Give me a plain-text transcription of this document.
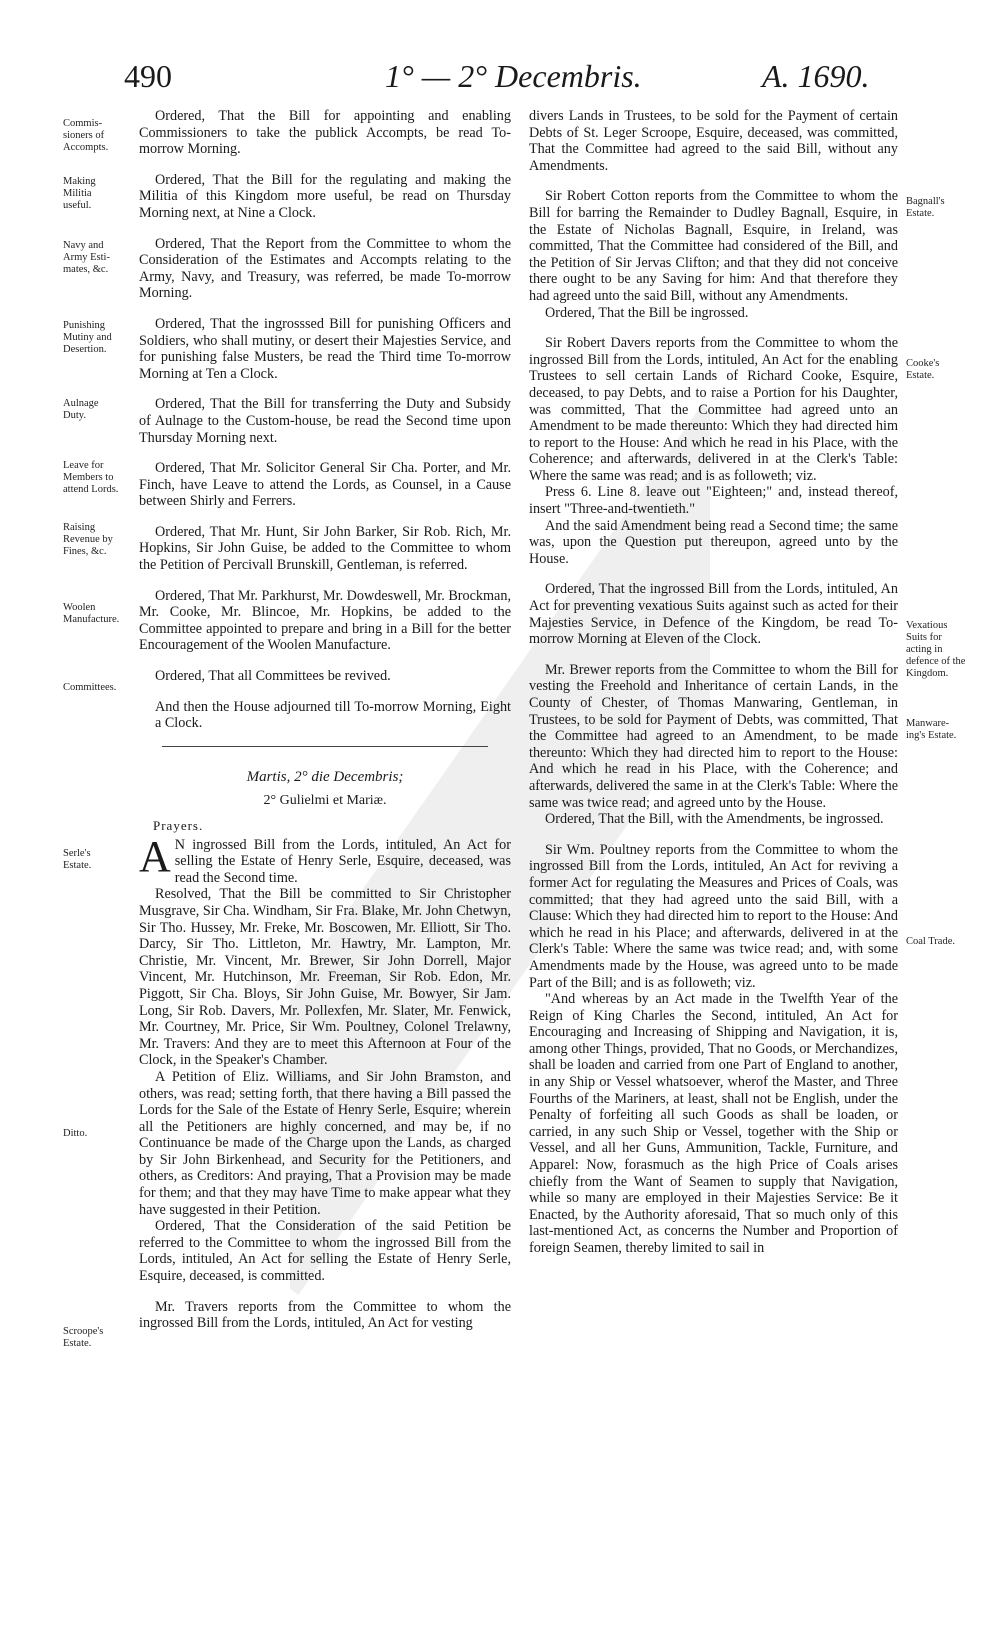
490	1° — 2° Decembris.	A. 1690.
Commis-
sioners of
Accompts.
Making
Militia
useful.
Navy and
Army Esti-
mates, &c.
Punishing
Mutiny and
Desertion.
Aulnage
Duty.
Leave for
Members to
attend Lords.
Raising
Revenue by
Fines, &c.
Woolen
Manufacture.
Committees.
Serle's
Estate.
Ditto.
Scroope's
Estate.
Bagnall's
Estate.
Cooke's
Estate.
Vexatious
Suits for
acting in
defence of the
Kingdom.
Manware-
ing's Estate.
Coal Trade.

Ordered, That the Bill for appointing and enabling Commissioners to take the publick Accompts, be read To-morrow Morning.

Ordered, That the Bill for the regulating and making the Militia of this Kingdom more useful, be read on Thursday Morning next, at Nine a Clock.

Ordered, That the Report from the Committee to whom the Consideration of the Estimates and Accompts relating to the Army, Navy, and Treasury, was referred, be made To-morrow Morning.

Ordered, That the ingrosssed Bill for punishing Officers and Soldiers, who shall mutiny, or desert their Majesties Service, and for punishing false Musters, be read the Third time To-morrow Morning at Ten a Clock.

Ordered, That the Bill for transferring the Duty and Subsidy of Aulnage to the Custom-house, be read the Second time upon Thursday Morning next.

Ordered, That Mr. Solicitor General Sir Cha. Porter, and Mr. Finch, have Leave to attend the Lords, as Counsel, in a Cause between Shirly and Ferrers.

Ordered, That Mr. Hunt, Sir John Barker, Sir Rob. Rich, Mr. Hopkins, Sir John Guise, be added to the Committee to whom the Petition of Percivall Brunskill, Gentleman, is referred.

Ordered, That Mr. Parkhurst, Mr. Dowdeswell, Mr. Brockman, Mr. Cooke, Mr. Blincoe, Mr. Hopkins, be added to the Committee appointed to prepare and bring in a Bill for the better Encouragement of the Woolen Manufacture.

Ordered, That all Committees be revived.

And then the House adjourned till To-morrow Morning, Eight a Clock.

Martis, 2° die Decembris;
2° Gulielmi et Mariæ.
Prayers.

A N ingrossed Bill from the Lords, intituled, An Act for selling the Estate of Henry Serle, Esquire, deceased, was read the Second time.

Resolved, That the Bill be committed to Sir Christopher Musgrave, Sir Cha. Windham, Sir Fra. Blake, Mr. John Chetwyn, Sir Tho. Hussey, Mr. Freke, Mr. Boscowen, Mr. Elliott, Sir Tho. Darcy, Sir Tho. Littleton, Mr. Hawtry, Mr. Lampton, Mr. Christie, Mr. Vincent, Mr. Brewer, Sir John Dorrell, Major Vincent, Mr. Hutchinson, Mr. Freeman, Sir Rob. Edon, Mr. Piggott, Sir Cha. Bloys, Sir John Guise, Mr. Bowyer, Sir Jam. Long, Sir Rob. Davers, Mr. Pollexfen, Mr. Slater, Mr. Fenwick, Mr. Courtney, Mr. Price, Sir Wm. Poultney, Colonel Trelawny, Mr. Travers: And they are to meet this Afternoon at Four of the Clock, in the Speaker's Chamber.

A Petition of Eliz. Williams, and Sir John Bramston, and others, was read; setting forth, that there having a Bill passed the Lords for the Sale of the Estate of Henry Serle, Esquire; wherein all the Petitioners are highly concerned, and may be, if no Continuance be made of the Charge upon the Lands, as charged by Sir John Birkenhead, and Security for the Petitioners, and others, as Creditors: And praying, That a Provision may be made for them; and that they may have Time to make appear what they have suggested in their Petition.

Ordered, That the Consideration of the said Petition be referred to the Committee to whom the ingrossed Bill from the Lords, intituled, An Act for selling the Estate of Henry Serle, Esquire, deceased, is committed.

Mr. Travers reports from the Committee to whom the ingrossed Bill from the Lords, intituled, An Act for vesting

divers Lands in Trustees, to be sold for the Payment of certain Debts of St. Leger Scroope, Esquire, deceased, was committed, That the Committee had agreed to the said Bill, without any Amendments.

Sir Robert Cotton reports from the Committee to whom the Bill for barring the Remainder to Dudley Bagnall, Esquire, in the Estate of Nicholas Bagnall, Esquire, in Ireland, was committed, That the Committee had considered of the Bill, and the Petition of Sir Jervas Clifton; and that they did not conceive there ought to be any Saving for him: And that therefore they had agreed unto the said Bill, without any Amendments.

Ordered, That the Bill be ingrossed.

Sir Robert Davers reports from the Committee to whom the ingrossed Bill from the Lords, intituled, An Act for the enabling Trustees to sell certain Lands of Richard Cooke, Esquire, deceased, to pay Debts, and to raise a Portion for his Daughter, was committed, That the Committee had agreed unto an Amendment to be made thereunto: Which they had directed him to report to the House: And which he read in his Place, with the Coherence; and afterwards, delivered in at the Clerk's Table: Where the same was read; and is as followeth; viz.

Press 6. Line 8. leave out "Eighteen;" and, instead thereof, insert "Three-and-twentieth."

And the said Amendment being read a Second time; the same was, upon the Question put thereupon, agreed unto by the House.

Ordered, That the ingrossed Bill from the Lords, intituled, An Act for preventing vexatious Suits against such as acted for their Majesties Service, in Defence of the Kingdom, be read To-morrow Morning at Eleven of the Clock.

Mr. Brewer reports from the Committee to whom the Bill for vesting the Freehold and Inheritance of certain Lands, in the County of Chester, of Thomas Manwaring, Gentleman, in Trustees, to be sold for Payment of Debts, was committed, That the Committee had agreed to an Amendment, to be made thereunto: Which they had directed him to report to the House: And which he read in his Place, with the Coherence; and afterwards, delivered the same in at the Clerk's Table: Where the same was twice read; and agreed unto by the House.

Ordered, That the Bill, with the Amendments, be ingrossed.

Sir Wm. Poultney reports from the Committee to whom the ingrossed Bill from the Lords, intituled, An Act for reviving a former Act for regulating the Measures and Prices of Coals, was committed; that they had agreed unto the said Bill, with a Clause: Which they had directed him to report to the House: And which he read in his Place; and afterwards, delivered in at the Clerk's Table: Where the same was twice read; and, with some Amendments made by the House, was agreed unto to be made Part of the Bill; and is as followeth; viz.

"And whereas by an Act made in the Twelfth Year of the Reign of King Charles the Second, intituled, An Act for Encouraging and Increasing of Shipping and Navigation, it is, among other Things, provided, That no Goods, or Merchandizes, shall be loaden and carried from one Part of England to another, in any Ship or Vessel whatsoever, wherof the Master, and Three Fourths of the Mariners, at least, shall not be English, under the Penalty of forfeiting all such Goods as shall be loaden, or carried, in any such Ship or Vessel, together with the Ship or Vessel, and all her Guns, Ammunition, Tackle, Furniture, and Apparel: Now, forasmuch as the high Price of Coals arises chiefly from the Want of Seamen to supply that Navigation, while so many are employed in their Majesties Service: Be it Enacted, by the Authority aforesaid, That so much only of this last-mentioned Act, as concerns the Number and Proportion of foreign Seamen, thereby limited to sail in
